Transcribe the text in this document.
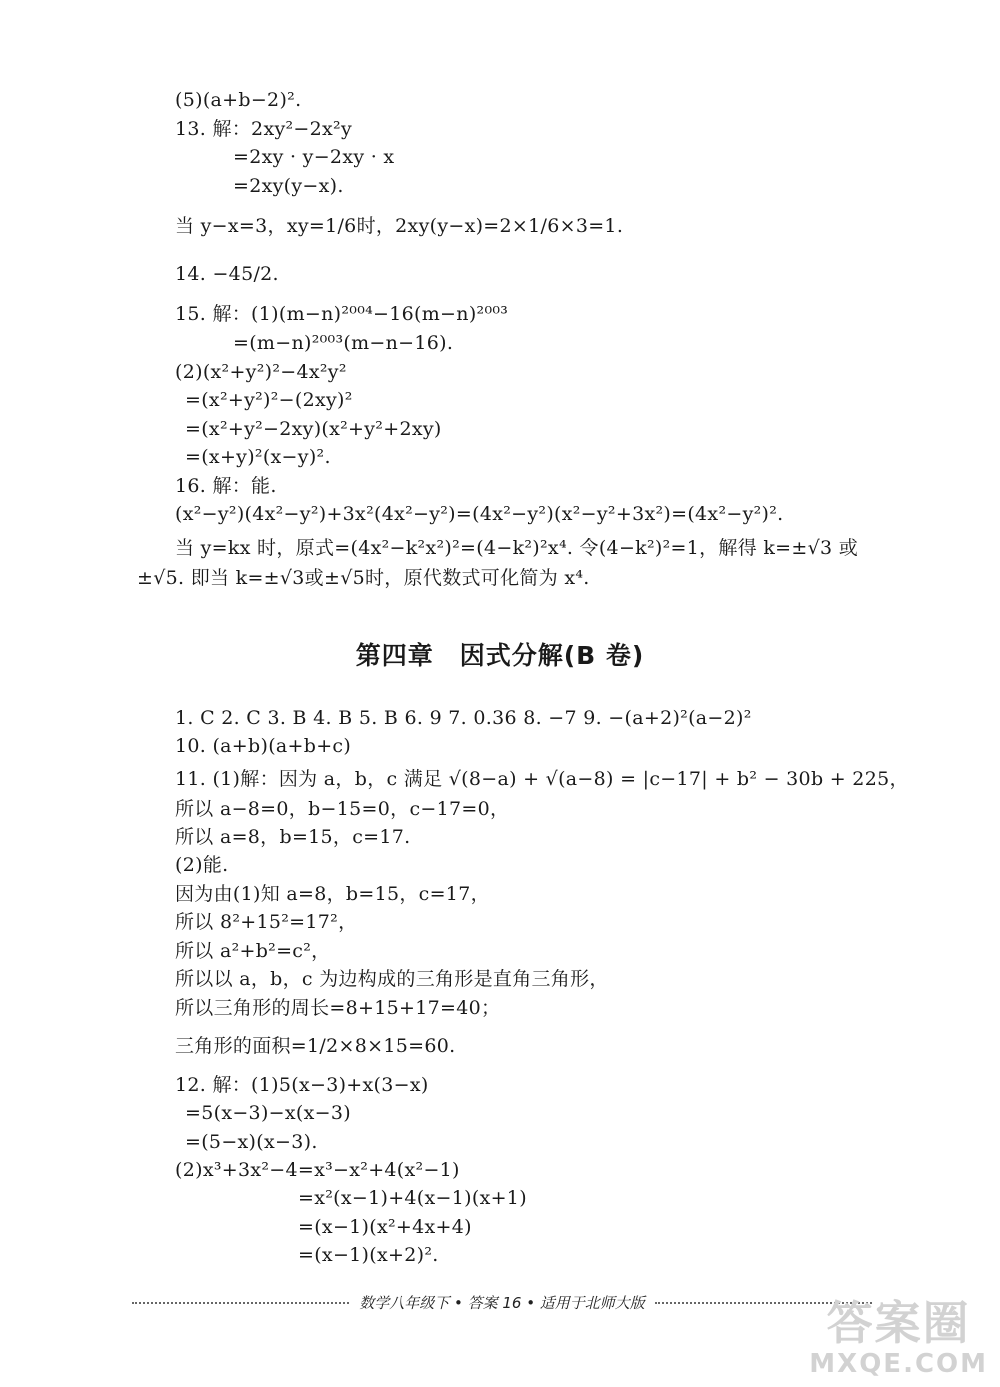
(5)(a+b−2)².
13. 解：2xy²−2x²y
=2xy · y−2xy · x
=2xy(y−x).
当 y−x=3，xy=1/6时，2xy(y−x)=2×1/6×3=1.
14. −45/2.
15. 解：(1)(m−n)²⁰⁰⁴−16(m−n)²⁰⁰³
=(m−n)²⁰⁰³(m−n−16).
(2)(x²+y²)²−4x²y²
=(x²+y²)²−(2xy)²
=(x²+y²−2xy)(x²+y²+2xy)
=(x+y)²(x−y)².
16. 解：能.
(x²−y²)(4x²−y²)+3x²(4x²−y²)=(4x²−y²)(x²−y²+3x²)=(4x²−y²)².
当 y=kx 时，原式=(4x²−k²x²)²=(4−k²)²x⁴. 令(4−k²)²=1，解得 k=±√3 或
±√5. 即当 k=±√3或±√5时，原代数式可化简为 x⁴.
第四章　因式分解(B 卷)
1. C 2. C 3. B 4. B 5. B 6. 9 7. 0.36 8. −7 9. −(a+2)²(a−2)²
10. (a+b)(a+b+c)
11. (1)解：因为 a，b，c 满足 √(8−a) + √(a−8) = |c−17| + b² − 30b + 225，
所以 a−8=0，b−15=0，c−17=0，
所以 a=8，b=15，c=17.
(2)能.
因为由(1)知 a=8，b=15，c=17，
所以 8²+15²=17²，
所以 a²+b²=c²，
所以以 a，b，c 为边构成的三角形是直角三角形，
所以三角形的周长=8+15+17=40；
三角形的面积=1/2×8×15=60.
12. 解：(1)5(x−3)+x(3−x)
=5(x−3)−x(x−3)
=(5−x)(x−3).
(2)x³+3x²−4=x³−x²+4(x²−1)
=x²(x−1)+4(x−1)(x+1)
=(x−1)(x²+4x+4)
=(x−1)(x+2)².
数学八年级下 • 答案 16 • 适用于北师大版	答案圈
MXQE.COM
